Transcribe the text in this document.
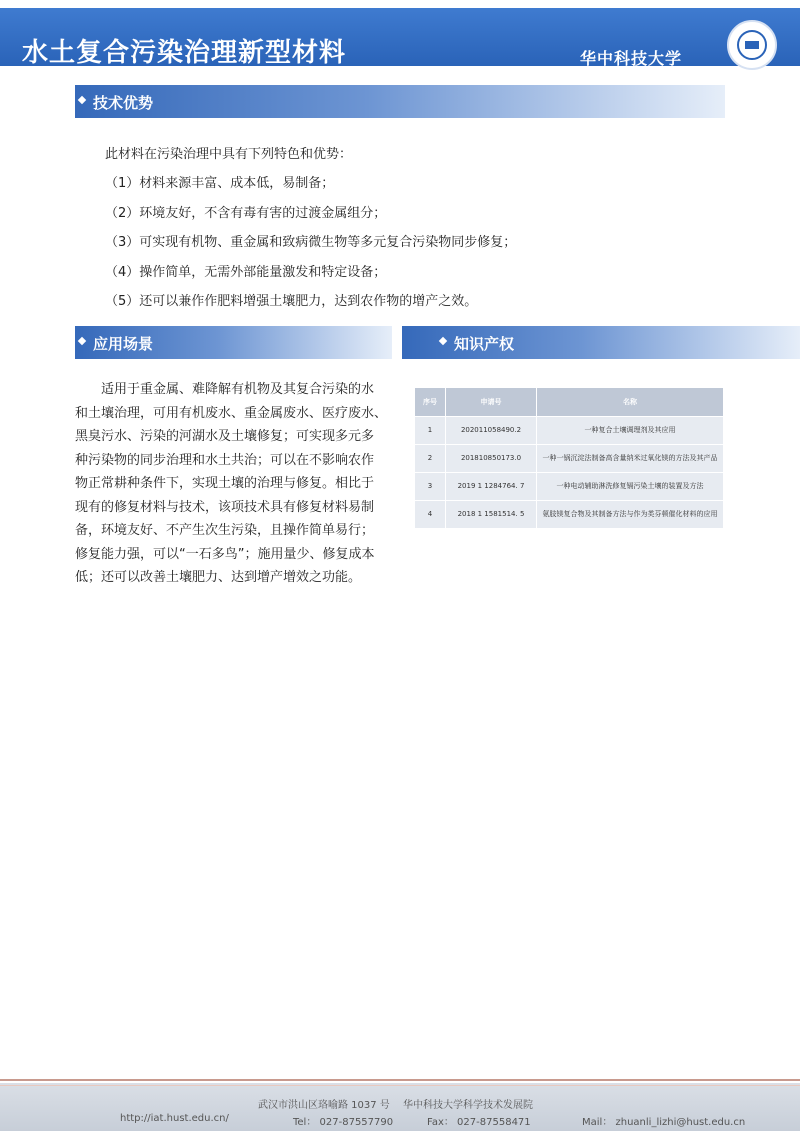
水土复合污染治理新型材料	华中科技大学
技术优势
此材料在污染治理中具有下列特色和优势：
（1）材料来源丰富、成本低，易制备；
（2）环境友好，不含有毒有害的过渡金属组分；
（3）可实现有机物、重金属和致病微生物等多元复合污染物同步修复；
（4）操作简单，无需外部能量激发和特定设备；
（5）还可以兼作作肥料增强土壤肥力，达到农作物的增产之效。
应用场景
适用于重金属、难降解有机物及其复合污染的水
和土壤治理，可用有机废水、重金属废水、医疗废水、
黑臭污水、污染的河湖水及土壤修复；可实现多元多
种污染物的同步治理和水土共治；可以在不影响农作
物正常耕种条件下，实现土壤的治理与修复。相比于
现有的修复材料与技术，该项技术具有修复材料易制
备，环境友好、不产生次生污染，且操作简单易行；
修复能力强，可以“一石多鸟”；施用量少、修复成本
低；还可以改善土壤肥力、达到增产增效之功能。
知识产权
序号	申请号	名称
1	202011058490.2	一种复合土壤调理剂及其应用
2	201810850173.0	一种一锅沉淀法制备高含量纳米过氧化镁的方法及其产品
3	2019 1 1284764. 7	一种电动辅助淋洗修复镉污染土壤的装置及方法
4	2018 1 1581514. 5	氨肢镁复合物及其制备方法与作为类芬顿催化材料的应用
武汉市洪山区珞喻路 1037 号 华中科技大学科学技术发展院
http://iat.hust.edu.cn/	Tel： 027-87557790	Fax： 027-87558471	Mail： zhuanli_lizhi@hust.edu.cn
